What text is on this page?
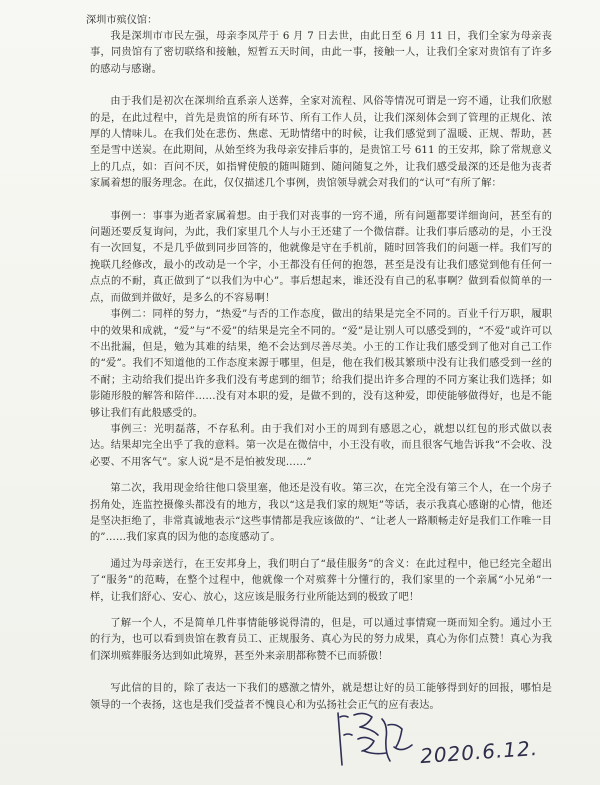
深圳市殡仪馆：

我是深圳市市民左强，母亲李凤芹于 6 月 7 日去世，由此日至 6 月 11 日，我们全家为母亲丧事，同贵馆有了密切联络和接触，短暂五天时间，由此一事，接触一人，让我们全家对贵馆有了许多的感动与感谢。

由于我们是初次在深圳给直系亲人送葬，全家对流程、风俗等情况可谓是一窍不通，让我们欣慰的是，在此过程中，首先是贵馆的所有环节、所有工作人员，让我们深刻体会到了管理的正规化、浓厚的人情味儿。在我们处在悲伤、焦虑、无助情绪中的时候，让我们感觉到了温暖、正规、帮助，甚至是雪中送炭。在此期间，从始至终为我母亲安排后事的，是贵馆工号 611 的王安邦，除了常规意义上的几点，如：百问不厌，如指臂使般的随叫随到、随问随复之外，让我们感受最深的还是他为丧者家属着想的服务理念。在此，仅仅描述几个事例，贵馆领导就会对我们的“认可”有所了解：

事例一：事事为逝者家属着想。由于我们对丧事的一窍不通，所有问题都要详细询问，甚至有的问题还要反复询问，为此，我们家里几个人与小王还建了一个微信群。让我们事后感动的是，小王没有一次回复，不是几乎做到同步回答的，他就像是守在手机前，随时回答我们的问题一样。我们写的挽联几经修改，最小的改动是一个字，小王都没有任何的抱怨，甚至是没有让我们感觉到他有任何一点点的不耐，真正做到了“以我们为中心”。事后想起来，谁还没有自己的私事啊？做到看似简单的一点，而做到并做好，是多么的不容易啊！

事例二：同样的努力，“热爱”与否的工作态度，做出的结果是完全不同的。百业千行万职，履职中的效果和成就，“爱”与“不爱”的结果是完全不同的。“爱”是让别人可以感受到的，“不爱”或许可以不出批漏，但是，勉为其难的结果，绝不会达到尽善尽美。小王的工作让我们感受到了他对自己工作的“爱”。我们不知道他的工作态度来源于哪里，但是，他在我们极其繁琐中没有让我们感受到一丝的不耐；主动给我们提出许多我们没有考虑到的细节；给我们提出许多合理的不同方案让我们选择；如影随形般的解答和陪伴……没有对本职的爱，是做不到的，没有这种爱，即使能够做得好，也是不能够让我们有此般感受的。

事例三：光明磊落，不存私利。由于我们对小王的周到有感恩之心，就想以红包的形式做以表达。结果却完全出乎了我的意料。第一次是在微信中，小王没有收，而且很客气地告诉我“不会收、没必要、不用客气”。家人说“是不是怕被发现……”

第二次，我用现金给往他口袋里塞，他还是没有收。第三次，在完全没有第三个人，在一个房子拐角处，连监控摄像头都没有的地方，我以“这是我们家的规矩”等话，表示我真心感谢的心情，他还是坚决拒绝了，非常真诚地表示“这些事情都是我应该做的”、“让老人一路顺畅走好是我们工作唯一目的”……我们家真的因为他的态度感动了。

通过为母亲送行，在王安邦身上，我们明白了“最佳服务”的含义：在此过程中，他已经完全超出了“服务”的范畴，在整个过程中，他就像一个对殡葬十分懂行的，我们家里的一个亲属“小兄弟”一样，让我们舒心、安心、放心，这应该是服务行业所能达到的极致了吧！

了解一个人，不是简单几件事情能够说得清的，但是，可以通过事情窥一斑而知全豹。通过小王的行为，也可以看到贵馆在教育员工、正规服务、真心为民的努力成果，真心为你们点赞！真心为我们深圳殡葬服务达到如此境界，甚至外来亲朋都称赞不已而骄傲！

写此信的目的，除了表达一下我们的感激之情外，就是想让好的员工能够得到好的回报，哪怕是领导的一个表扬，这也是我们受益者不愧良心和为弘扬社会正气的应有表达。

2020.6.12.
